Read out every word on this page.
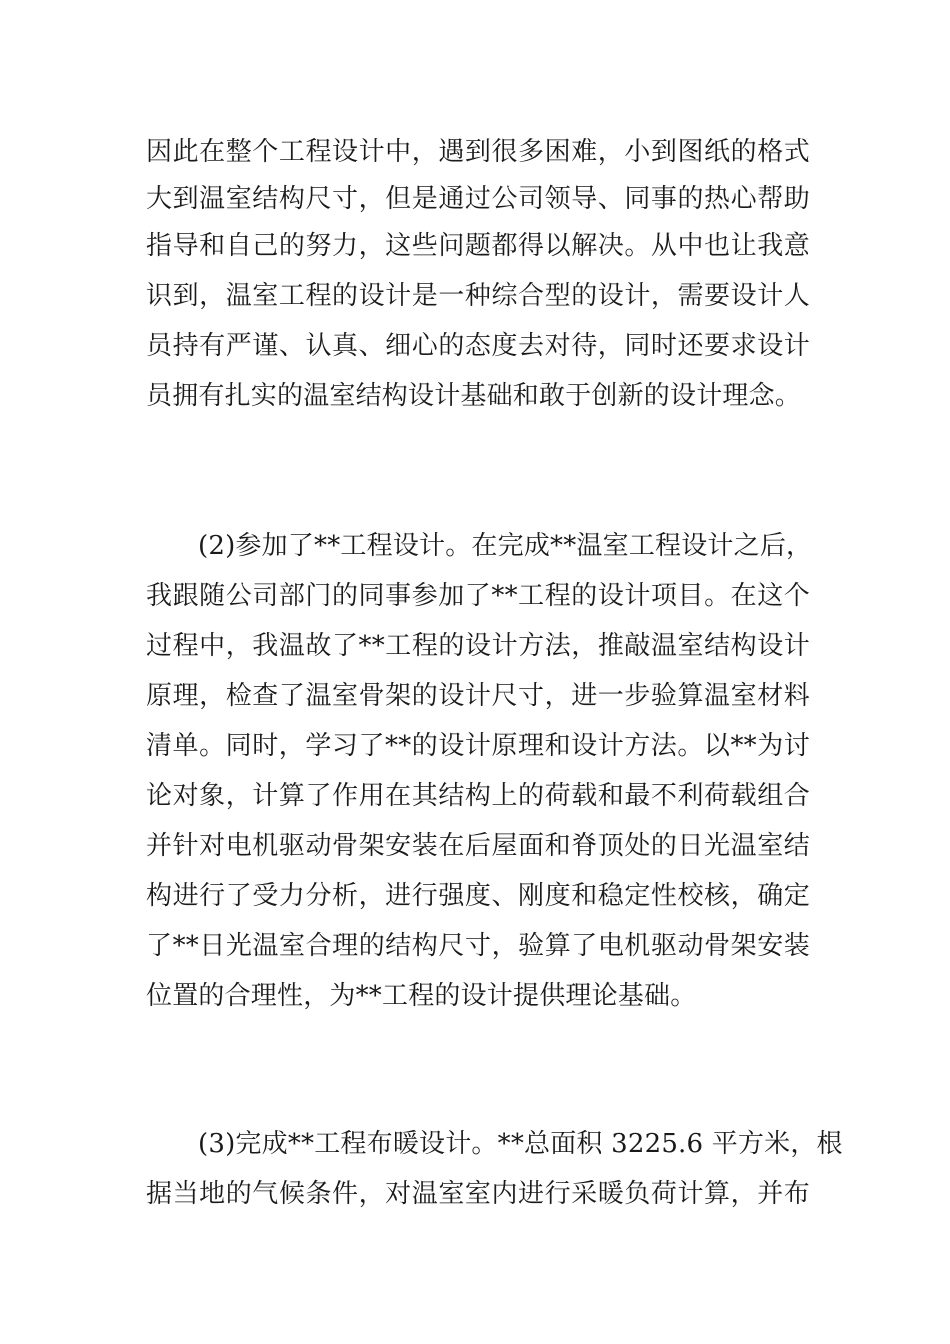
因此在整个工程设计中，遇到很多困难，小到图纸的格式
大到温室结构尺寸，但是通过公司领导、同事的热心帮助
指导和自己的努力，这些问题都得以解决。从中也让我意
识到，温室工程的设计是一种综合型的设计，需要设计人
员持有严谨、认真、细心的态度去对待，同时还要求设计
员拥有扎实的温室结构设计基础和敢于创新的设计理念。
(2)参加了**工程设计。在完成**温室工程设计之后，
我跟随公司部门的同事参加了**工程的设计项目。在这个
过程中，我温故了**工程的设计方法，推敲温室结构设计
原理，检查了温室骨架的设计尺寸，进一步验算温室材料
清单。同时，学习了**的设计原理和设计方法。以**为讨
论对象，计算了作用在其结构上的荷载和最不利荷载组合
并针对电机驱动骨架安装在后屋面和脊顶处的日光温室结
构进行了受力分析，进行强度、刚度和稳定性校核，确定
了**日光温室合理的结构尺寸，验算了电机驱动骨架安装
位置的合理性，为**工程的设计提供理论基础。
(3)完成**工程布暖设计。**总面积 3225.6 平方米，根
据当地的气候条件，对温室室内进行采暖负荷计算，并布
